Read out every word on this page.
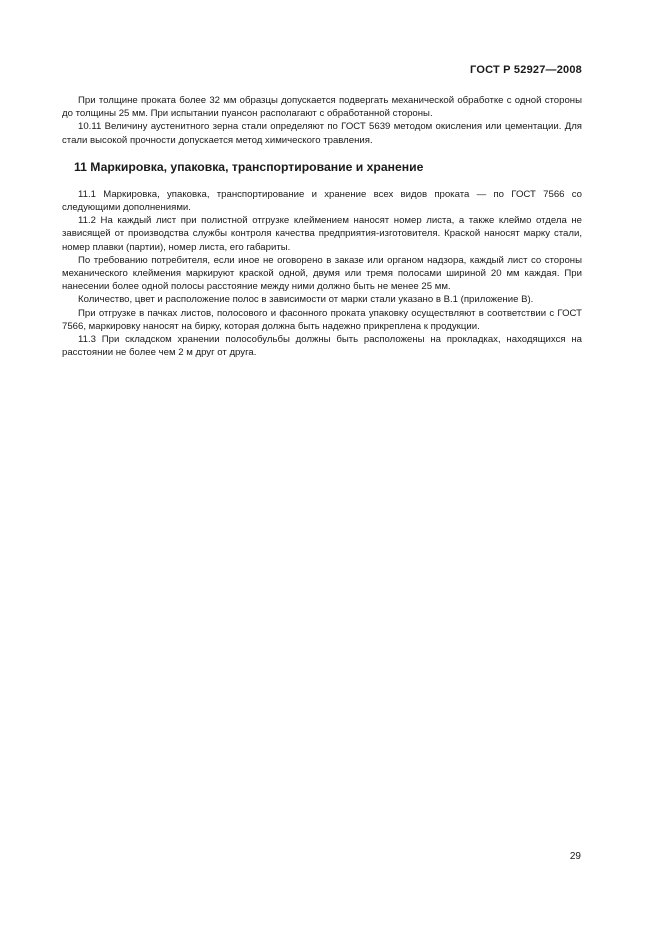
ГОСТ Р 52927—2008

При толщине проката более 32 мм образцы допускается подвергать механической обработке с одной стороны до толщины 25 мм. При испытании пуансон располагают с обработанной стороны.

10.11 Величину аустенитного зерна стали определяют по ГОСТ 5639 методом окисления или цементации. Для стали высокой прочности допускается метод химического травления.

11 Маркировка, упаковка, транспортирование и хранение

11.1 Маркировка, упаковка, транспортирование и хранение всех видов проката — по ГОСТ 7566 со следующими дополнениями.

11.2 На каждый лист при полистной отгрузке клеймением наносят номер листа, а также клеймо отдела не зависящей от производства службы контроля качества предприятия-изготовителя. Краской наносят марку стали, номер плавки (партии), номер листа, его габариты.

По требованию потребителя, если иное не оговорено в заказе или органом надзора, каждый лист со стороны механического клеймения маркируют краской одной, двумя или тремя полосами шириной 20 мм каждая. При нанесении более одной полосы расстояние между ними должно быть не менее 25 мм.

Количество, цвет и расположение полос в зависимости от марки стали указано в В.1 (приложение В).

При отгрузке в пачках листов, полосового и фасонного проката упаковку осуществляют в соответствии с ГОСТ 7566, маркировку наносят на бирку, которая должна быть надежно прикреплена к продукции.

11.3 При складском хранении полособульбы должны быть расположены на прокладках, находящихся на расстоянии не более чем 2 м друг от друга.

29
